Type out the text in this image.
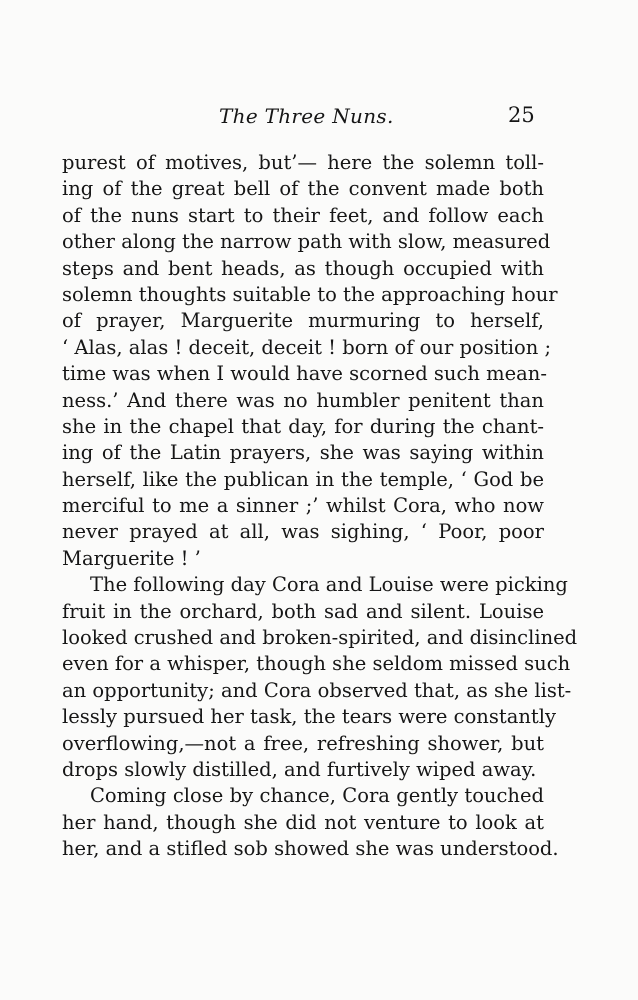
The Three Nuns.	25
purest of motives, but’— here the solemn toll-
ing of the great bell of the convent made both
of the nuns start to their feet, and follow each
other along the narrow path with slow, measured
steps and bent heads, as though occupied with
solemn thoughts suitable to the approaching hour
of prayer, Marguerite murmuring to herself,
‘ Alas, alas ! deceit, deceit ! born of our position ;
time was when I would have scorned such mean-
ness.’ And there was no humbler penitent than
she in the chapel that day, for during the chant-
ing of the Latin prayers, she was saying within
herself, like the publican in the temple, ‘ God be
merciful to me a sinner ;’ whilst Cora, who now
never prayed at all, was sighing, ‘ Poor, poor
Marguerite ! ’
The following day Cora and Louise were picking
fruit in the orchard, both sad and silent. Louise
looked crushed and broken-spirited, and disinclined
even for a whisper, though she seldom missed such
an opportunity; and Cora observed that, as she list-
lessly pursued her task, the tears were constantly
overflowing,—not a free, refreshing shower, but
drops slowly distilled, and furtively wiped away.
Coming close by chance, Cora gently touched
her hand, though she did not venture to look at
her, and a stifled sob showed she was understood.
